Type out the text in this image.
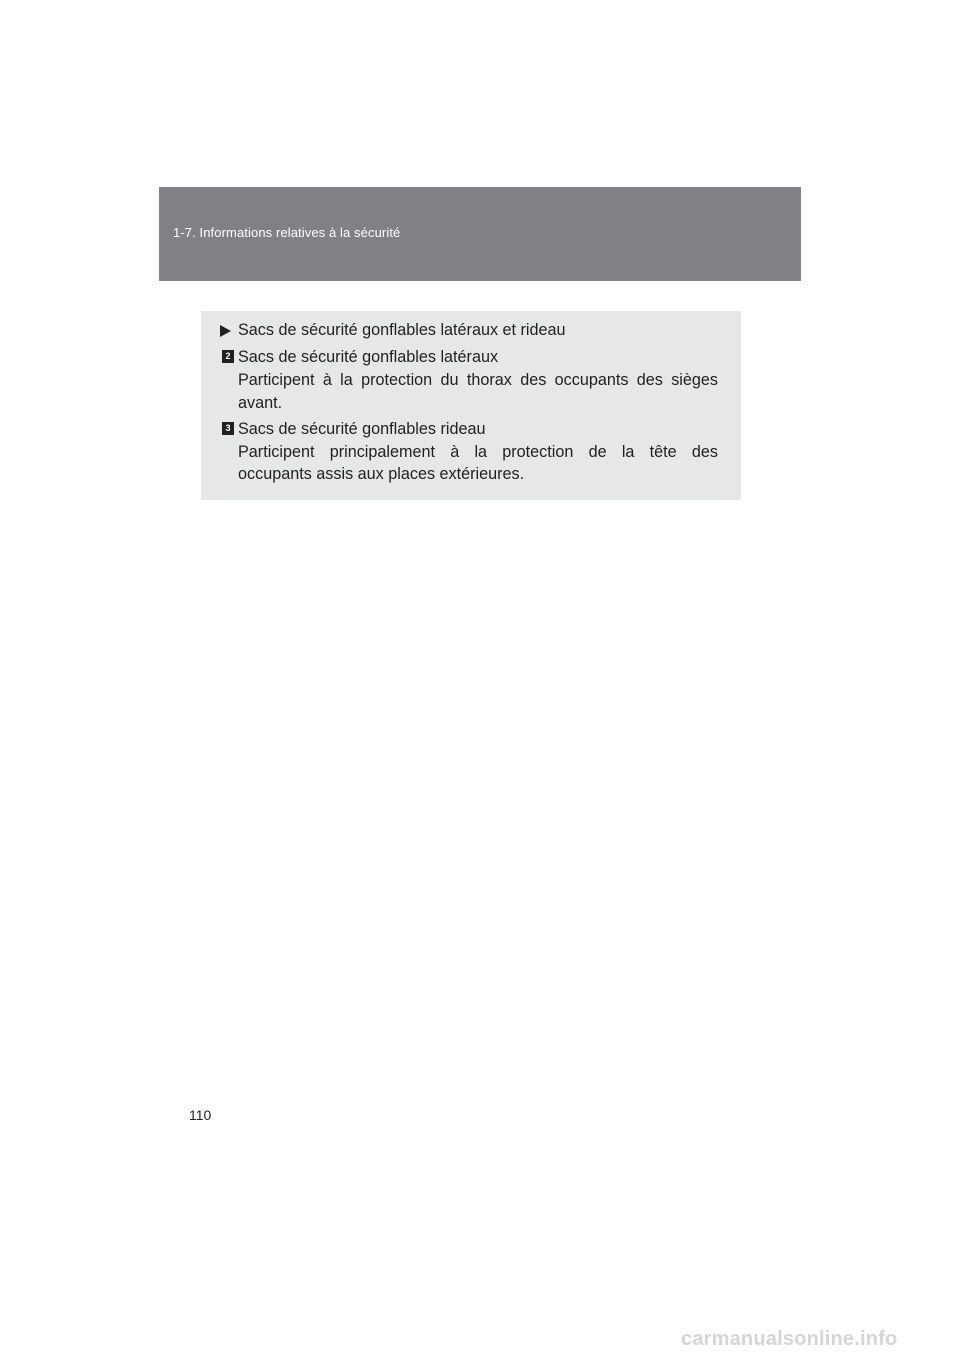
1-7. Informations relatives à la sécurité
Sacs de sécurité gonflables latéraux et rideau
2 Sacs de sécurité gonflables latéraux
Participent à la protection du thorax des occupants des sièges
avant.
3 Sacs de sécurité gonflables rideau
Participent principalement à la protection de la tête des
occupants assis aux places extérieures.
110
carmanualsonline.info
